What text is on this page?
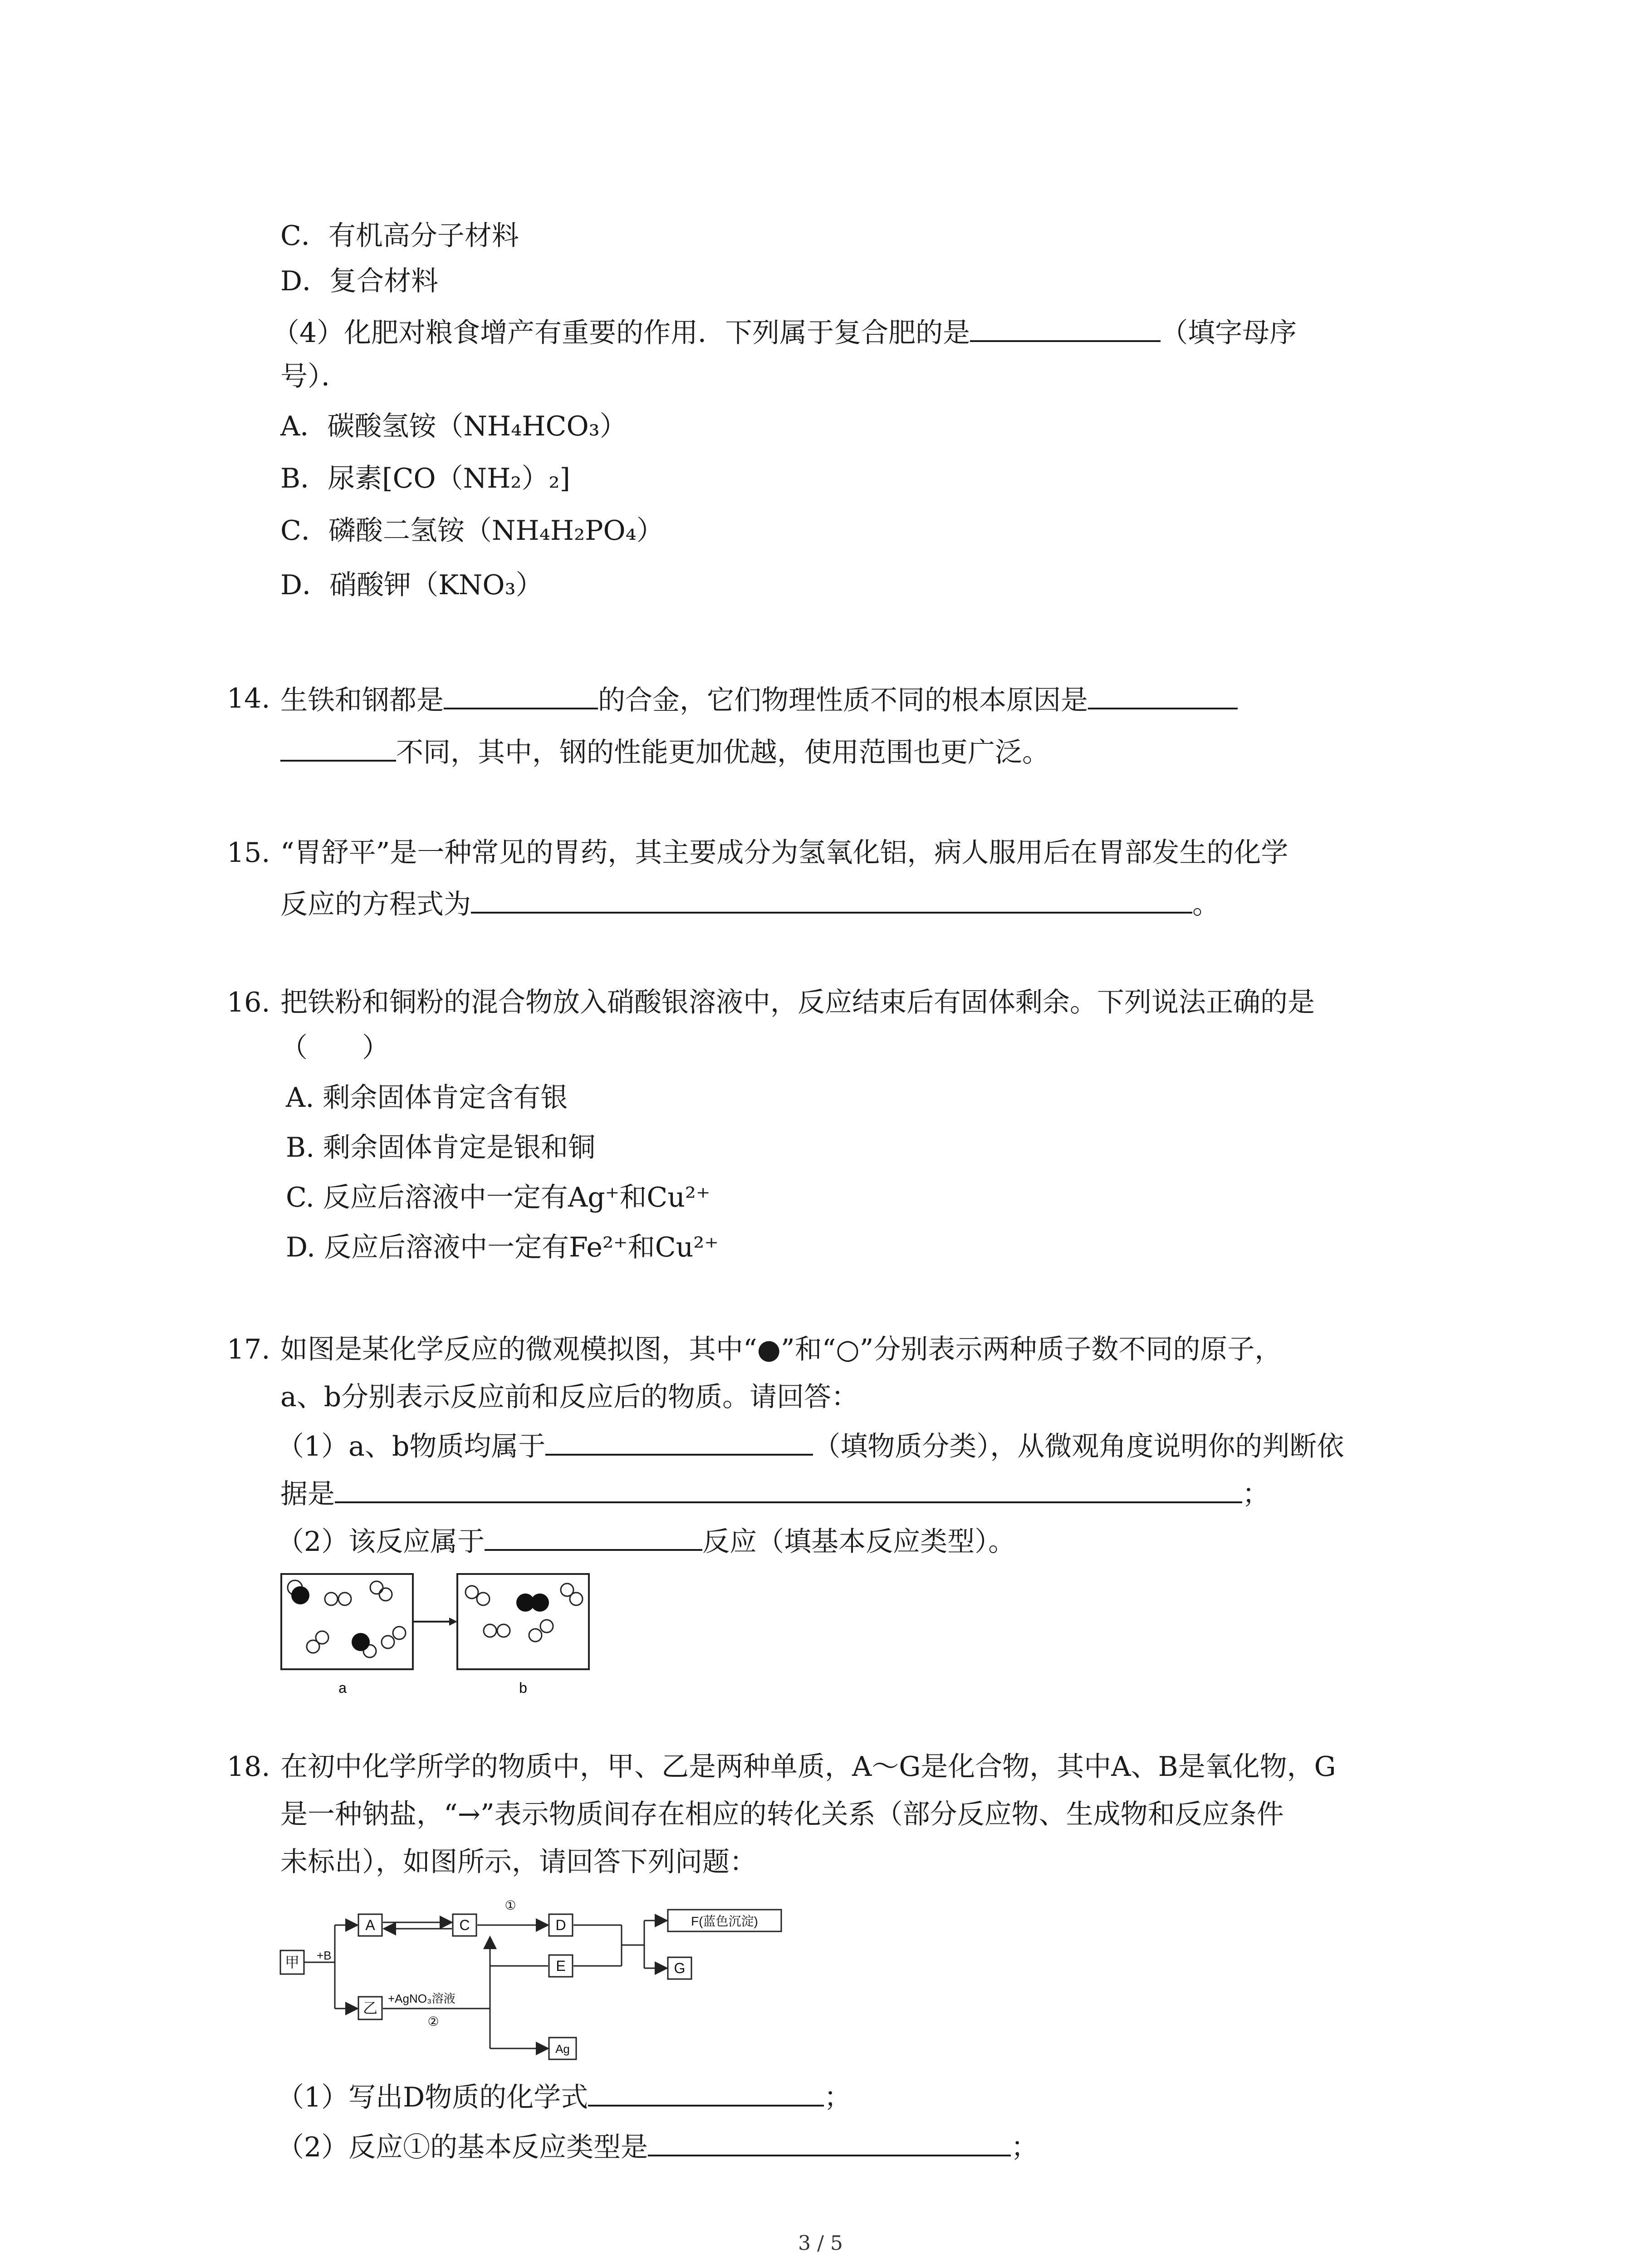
C．有机高分子材料
D．复合材料
（4）化肥对粮食增产有重要的作用．下列属于复合肥的是	（填字母序
号）．
A．碳酸氢铵（NH₄HCO₃）
B．尿素[CO（NH₂）₂]
C．磷酸二氢铵（NH₄H₂PO₄）
D．硝酸钾（KNO₃）
14. 生铁和钢都是	的合金，它们物理性质不同的根本原因是
不同，其中，钢的性能更加优越，使用范围也更广泛。
15. “胃舒平”是一种常见的胃药，其主要成分为氢氧化铝，病人服用后在胃部发生的化学
反应的方程式为	。
16. 把铁粉和铜粉的混合物放入硝酸银溶液中，反应结束后有固体剩余。下列说法正确的是
（　　）
A. 剩余固体肯定含有银
B. 剩余固体肯定是银和铜
C. 反应后溶液中一定有Ag⁺和Cu²⁺
D. 反应后溶液中一定有Fe²⁺和Cu²⁺
17. 如图是某化学反应的微观模拟图，其中“●”和“○”分别表示两种质子数不同的原子，
a、b分别表示反应前和反应后的物质。请回答：
（1）a、b物质均属于	（填物质分类），从微观角度说明你的判断依
据是	；
（2）该反应属于	反应（填基本反应类型）。
a	b
18. 在初中化学所学的物质中，甲、乙是两种单质，A～G是化合物，其中A、B是氧化物，G
是一种钠盐，“→”表示物质间存在相应的转化关系（部分反应物、生成物和反应条件
未标出），如图所示，请回答下列问题：
甲 +B
A	C	D	F(蓝色沉淀)
G
E
乙
Ag
+AgNO₃溶液
①
②
（1）写出D物质的化学式	；
（2）反应①的基本反应类型是	；
3 / 5
